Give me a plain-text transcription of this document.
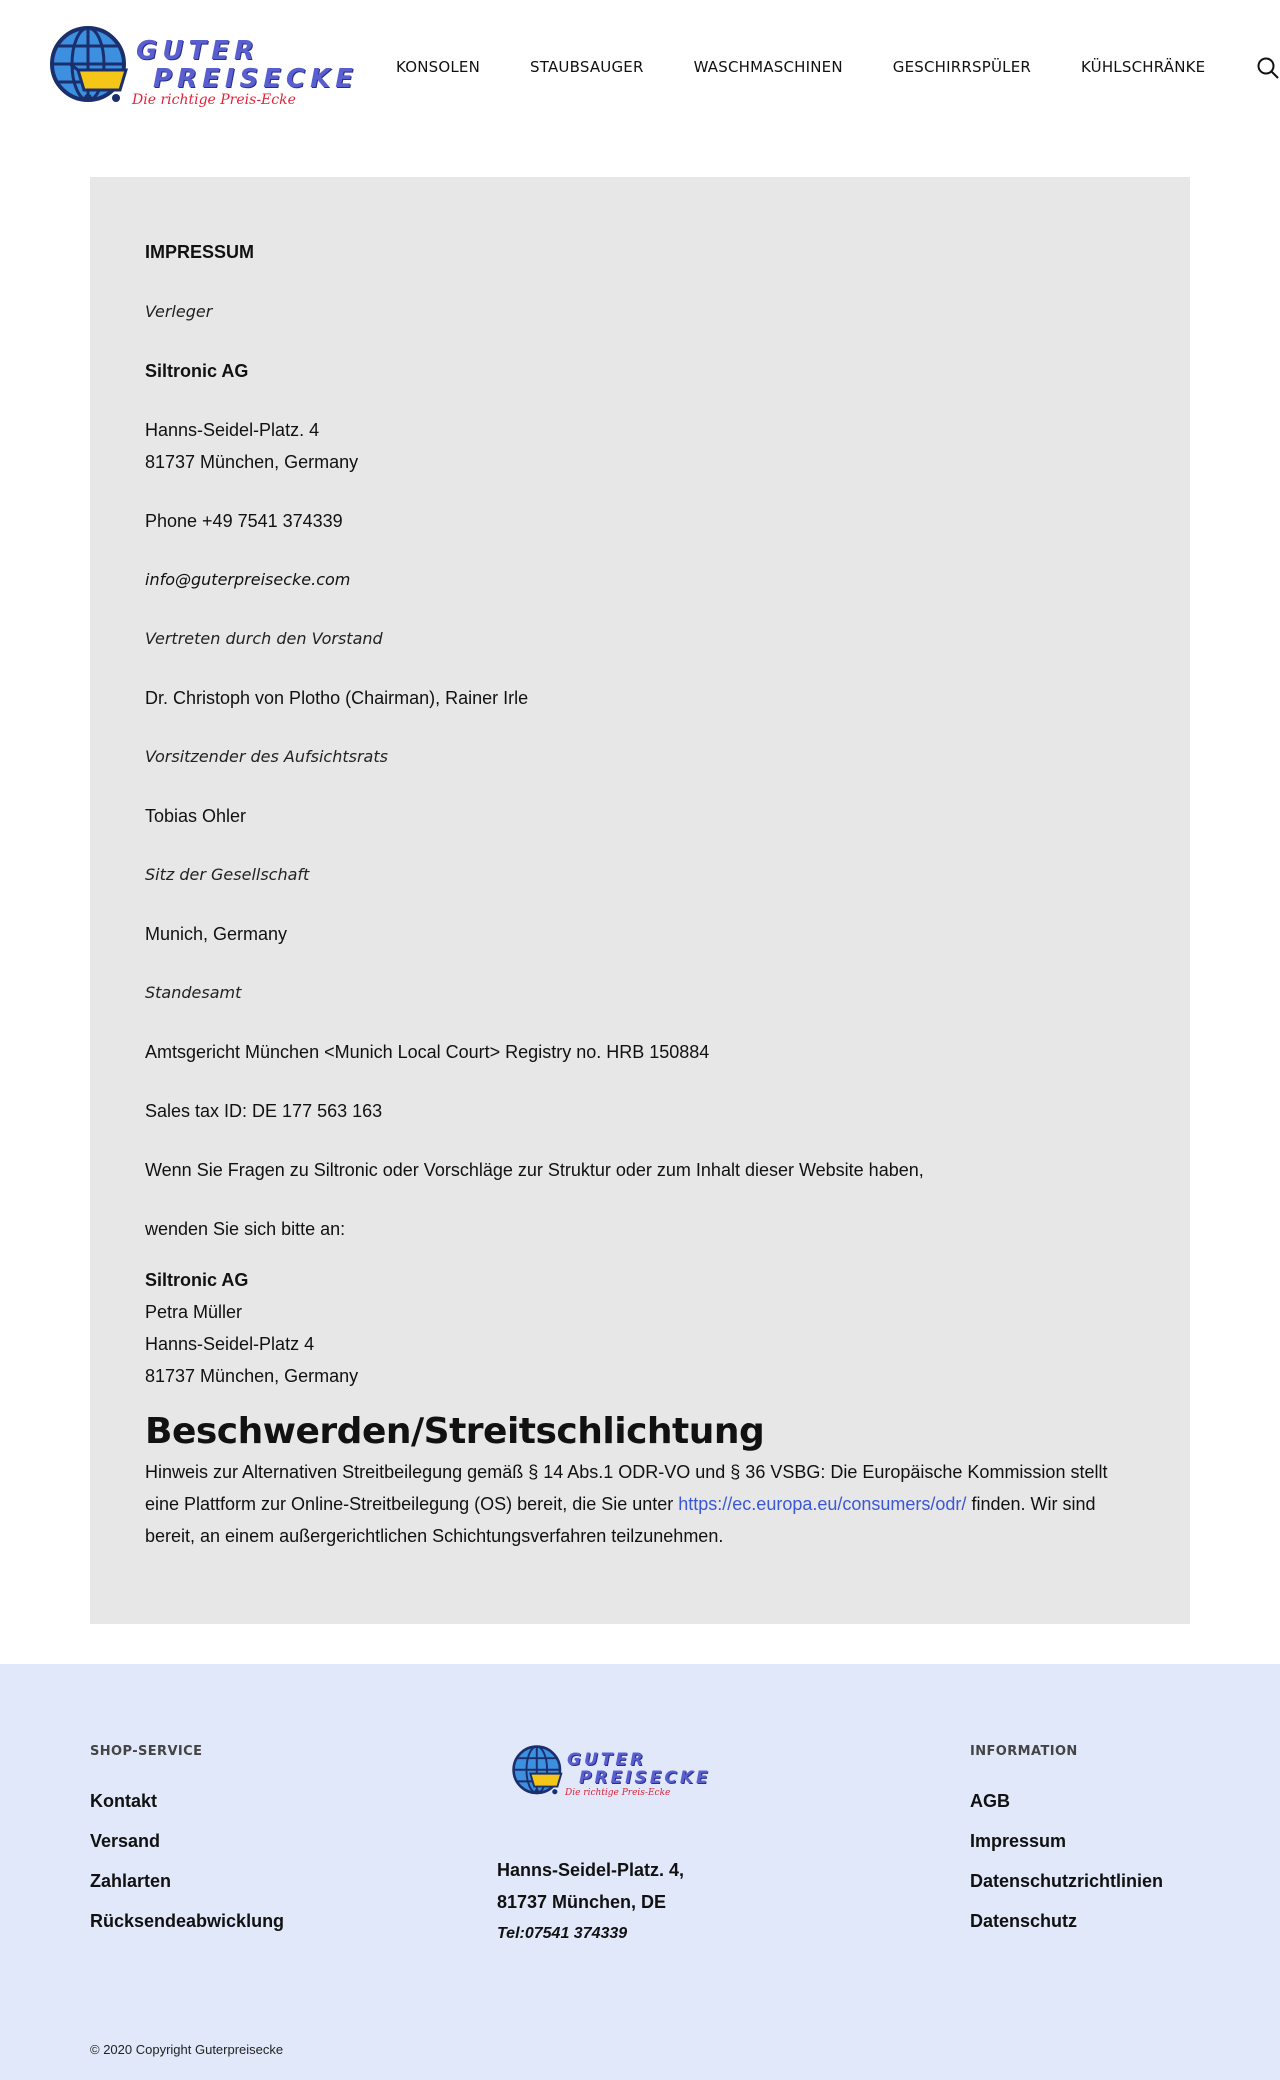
GUTER
PREISECKE
Die richtige Preis-Ecke
KONSOLEN	STAUBSAUGER	WASCHMASCHINEN	GESCHIRRSPÜLER	KÜHLSCHRÄNKE

IMPRESSUM

Verleger

Siltronic AG

Hanns-Seidel-Platz. 4

81737 München, Germany

Phone +49 7541 374339

info@guterpreisecke.com

Vertreten durch den Vorstand

Dr. Christoph von Plotho (Chairman), Rainer Irle

Vorsitzender des Aufsichtsrats

Tobias Ohler

Sitz der Gesellschaft

Munich, Germany

Standesamt

Amtsgericht München <Munich Local Court> Registry no. HRB 150884

Sales tax ID: DE 177 563 163

Wenn Sie Fragen zu Siltronic oder Vorschläge zur Struktur oder zum Inhalt dieser Website haben,

wenden Sie sich bitte an:

Siltronic AG

Petra Müller

Hanns-Seidel-Platz 4

81737 München, Germany

Beschwerden/Streitschlichtung

Hinweis zur Alternativen Streitbeilegung gemäß § 14 Abs.1 ODR-VO und § 36 VSBG: Die Europäische Kommission stellt eine Plattform zur Online-Streitbeilegung (OS) bereit, die Sie unter https://ec.europa.eu/consumers/odr/ finden. Wir sind bereit, an einem außergerichtlichen Schichtungsverfahren teilzunehmen.

SHOP-SERVICE
Kontakt
Versand
Zahlarten
Rücksendeabwicklung
GUTER
PREISECKE
Die richtige Preis-Ecke
Hanns-Seidel-Platz. 4,
81737 München, DE
Tel:07541 374339
INFORMATION
AGB
Impressum
Datenschutzrichtlinien
Datenschutz
© 2020 Copyright Guterpreisecke
